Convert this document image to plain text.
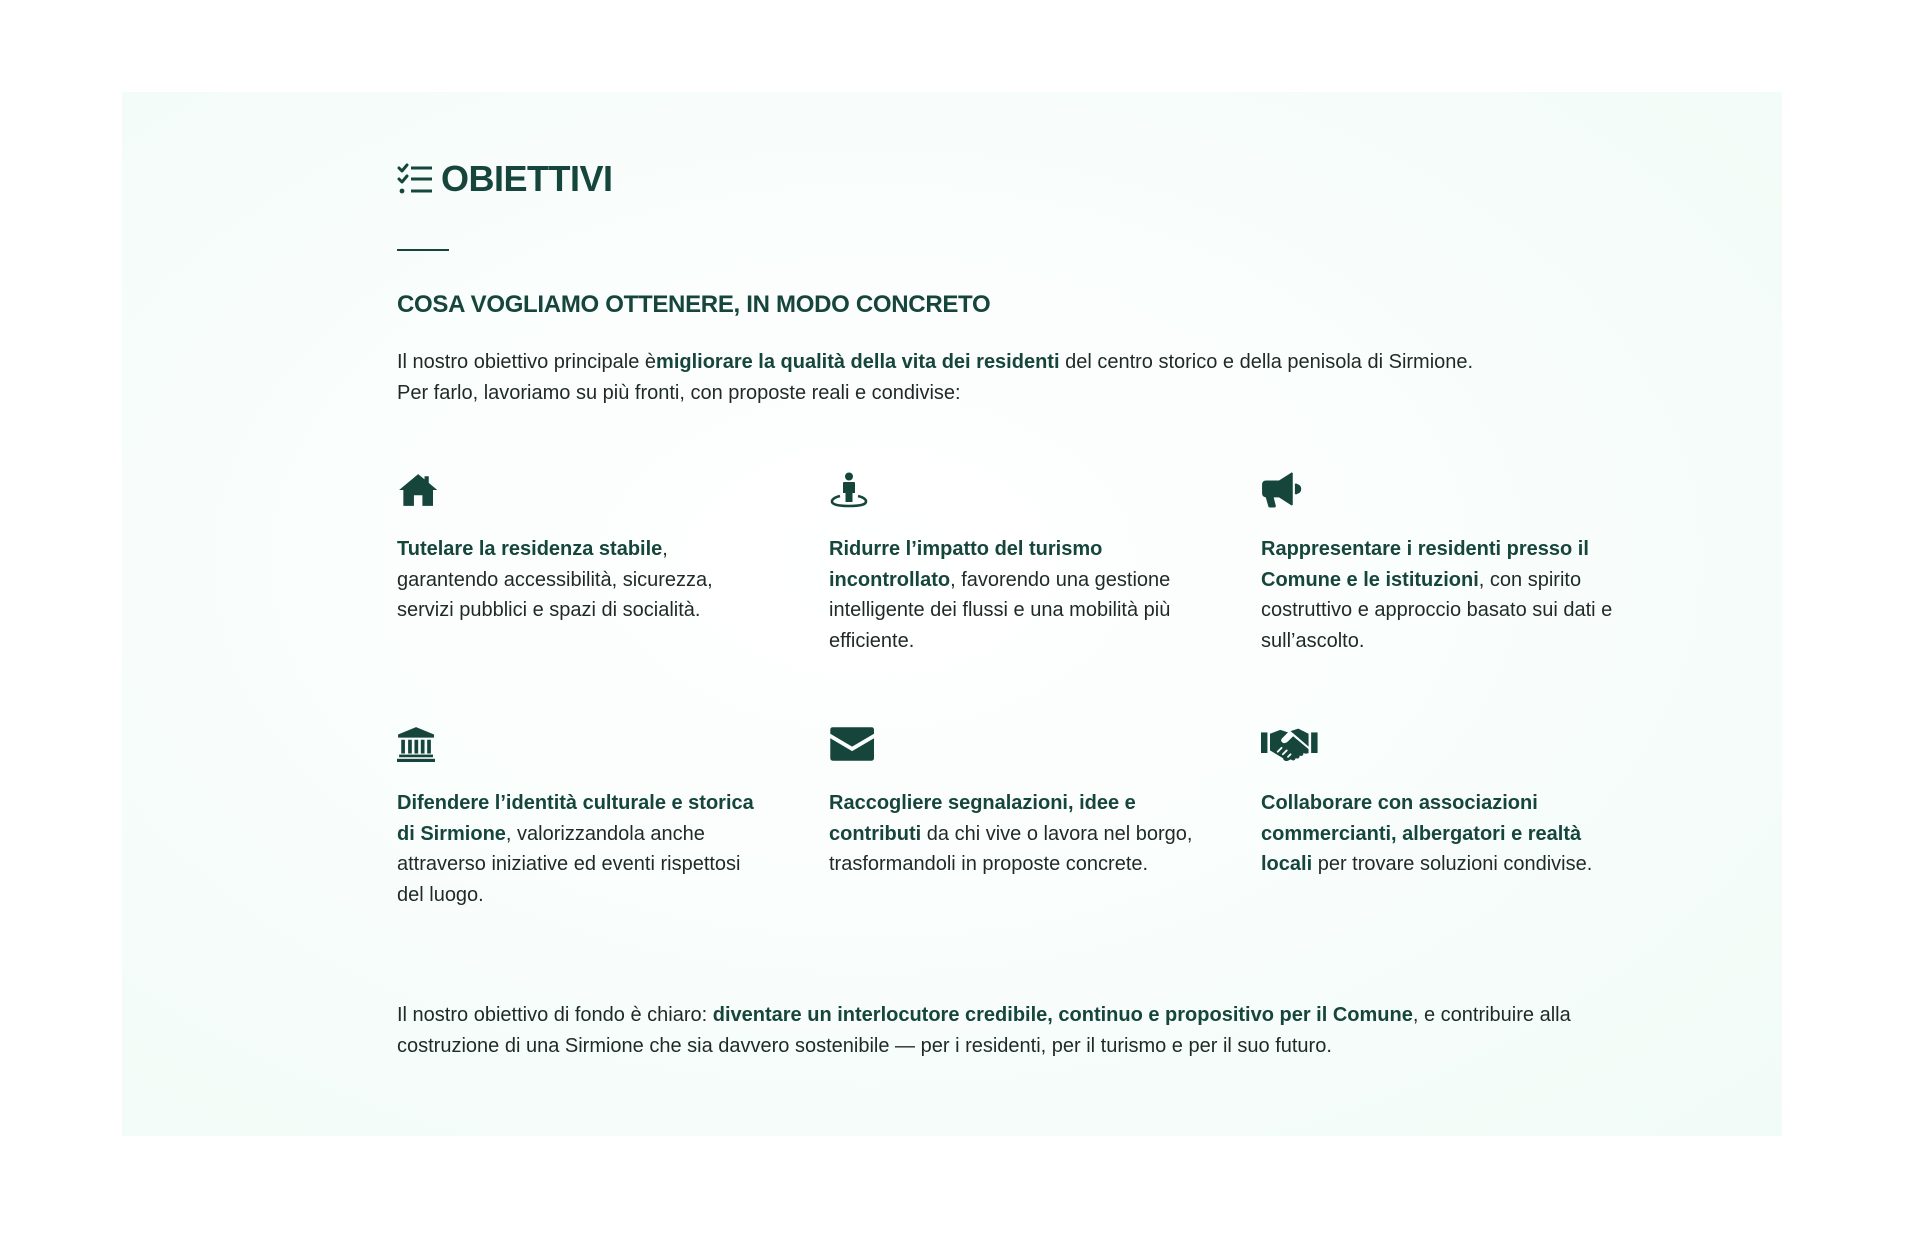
OBIETTIVI
COSA VOGLIAMO OTTENERE, IN MODO CONCRETO
Il nostro obiettivo principale èmigliorare la qualità della vita dei residenti del centro storico e della penisola di Sirmione.
Per farlo, lavoriamo su più fronti, con proposte reali e condivise:
Tutelare la residenza stabile, garantendo accessibilità, sicurezza, servizi pubblici e spazi di socialità.
Ridurre l’impatto del turismo incontrollato, favorendo una gestione intelligente dei flussi e una mobilità più efficiente.
Rappresentare i residenti presso il Comune e le istituzioni, con spirito costruttivo e approccio basato sui dati e sull’ascolto.
Difendere l’identità culturale e storica di Sirmione, valorizzandola anche attraverso iniziative ed eventi rispettosi del luogo.
Raccogliere segnalazioni, idee e contributi da chi vive o lavora nel borgo, trasformandoli in proposte concrete.
Collaborare con associazioni commercianti, albergatori e realtà locali per trovare soluzioni condivise.
Il nostro obiettivo di fondo è chiaro: diventare un interlocutore credibile, continuo e propositivo per il Comune, e contribuire alla costruzione di una Sirmione che sia davvero sostenibile — per i residenti, per il turismo e per il suo futuro.
